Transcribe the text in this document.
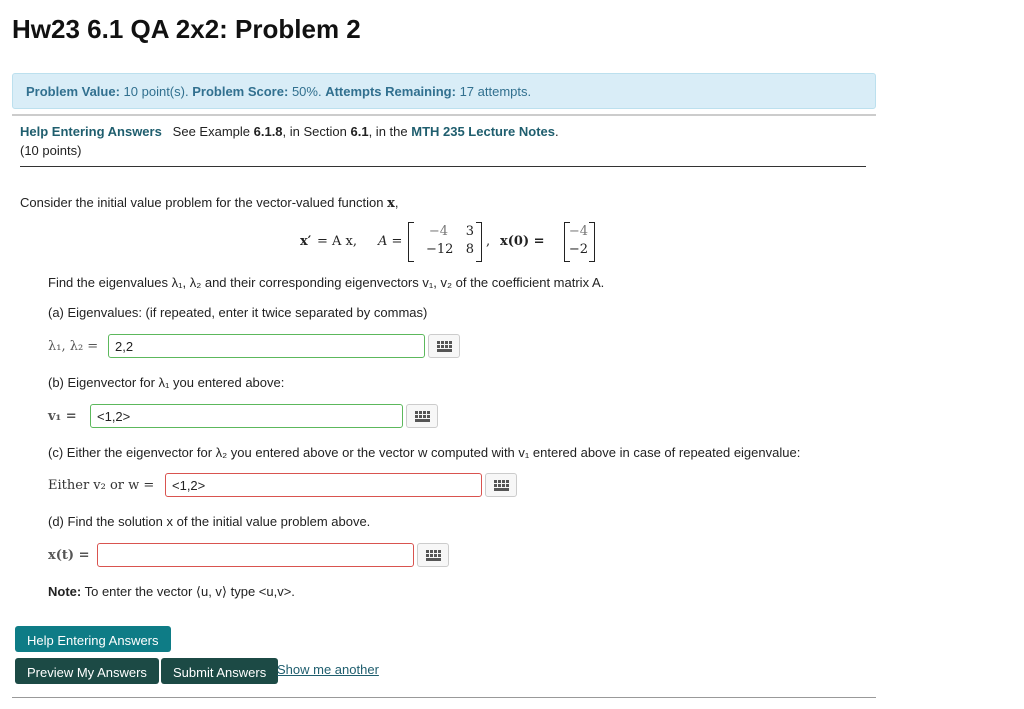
Hw23 6.1 QA 2x2: Problem 2
Problem Value: 10 point(s). Problem Score: 50%. Attempts Remaining: 17 attempts.
Help Entering Answers See Example 6.1.8, in Section 6.1, in the MTH 235 Lecture Notes.
(10 points)
Consider the initial value problem for the vector-valued function x,
x′ = A x, A =
−4	3
−12 8
, x(0) =
−4
−2
Find the eigenvalues λ₁, λ₂ and their corresponding eigenvectors v₁, v₂ of the coefficient matrix A.
(a) Eigenvalues: (if repeated, enter it twice separated by commas)
λ₁, λ₂ =
2,2
(b) Eigenvector for λ₁ you entered above:
v₁ =
<1,2>
(c) Either the eigenvector for λ₂ you entered above or the vector w computed with v₁ entered above in case of repeated eigenvalue:
Either v₂ or w =
<1,2>
(d) Find the solution x of the initial value problem above.
x(t) =
Note: To enter the vector ⟨u, v⟩ type <u,v>.
Help Entering Answers
Preview My Answers	Submit Answers Show me another
